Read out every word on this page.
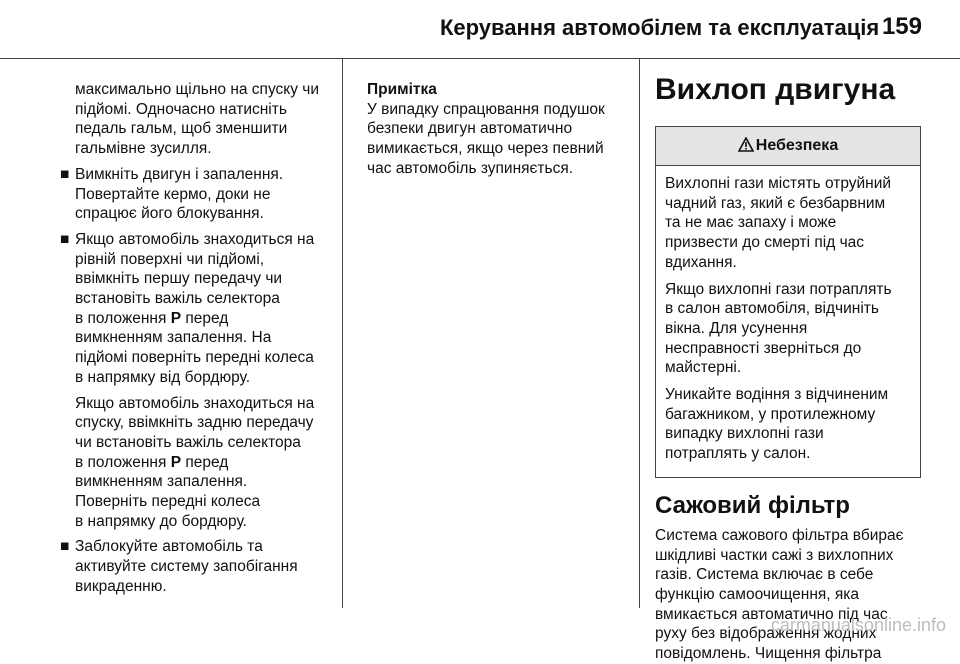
Керування автомобілем та експлуатація 159

максимально щільно на спуску чи
підйомі. Одночасно натисніть
педаль гальм, щоб зменшити
гальмівне зусилля.

■ Вимкніть двигун і запалення.
Повертайте кермо, доки не
спрацює його блокування.
■ Якщо автомобіль знаходиться на
рівній поверхні чи підйомі,
ввімкніть першу передачу чи
встановіть важіль селектора
в положення P перед
вимкненням запалення. На
підйомі поверніть передні колеса
в напрямку від бордюру.

Якщо автомобіль знаходиться на
спуску, ввімкніть задню передачу
чи встановіть важіль селектора
в положення P перед
вимкненням запалення.
Поверніть передні колеса
в напрямку до бордюру.

■ Заблокуйте автомобіль та
активуйте систему запобігання
викраденню.
Примітка
У випадку спрацювання подушок
безпеки двигун автоматично
вимикається, якщо через певний
час автомобіль зупиняється.
Вихлоп двигуна
Небезпека

Вихлопні гази містять отруйний
чадний газ, який є безбарвним
та не має запаху і може
призвести до смерті під час
вдихання.

Якщо вихлопні гази потраплять
в салон автомобіля, відчиніть
вікна. Для усунення
несправності зверніться до
майстерні.

Уникайте водіння з відчиненим
багажником, у протилежному
випадку вихлопні гази
потраплять у салон.

Сажовий фільтр
Система сажового фільтра вбирає
шкідливі частки сажі з вихлопних
газів. Система включає в себе
функцію самоочищення, яка
вмикається автоматично під час
руху без відображення жодних
повідомлень. Чищення фільтра
carmanualsonline.info
